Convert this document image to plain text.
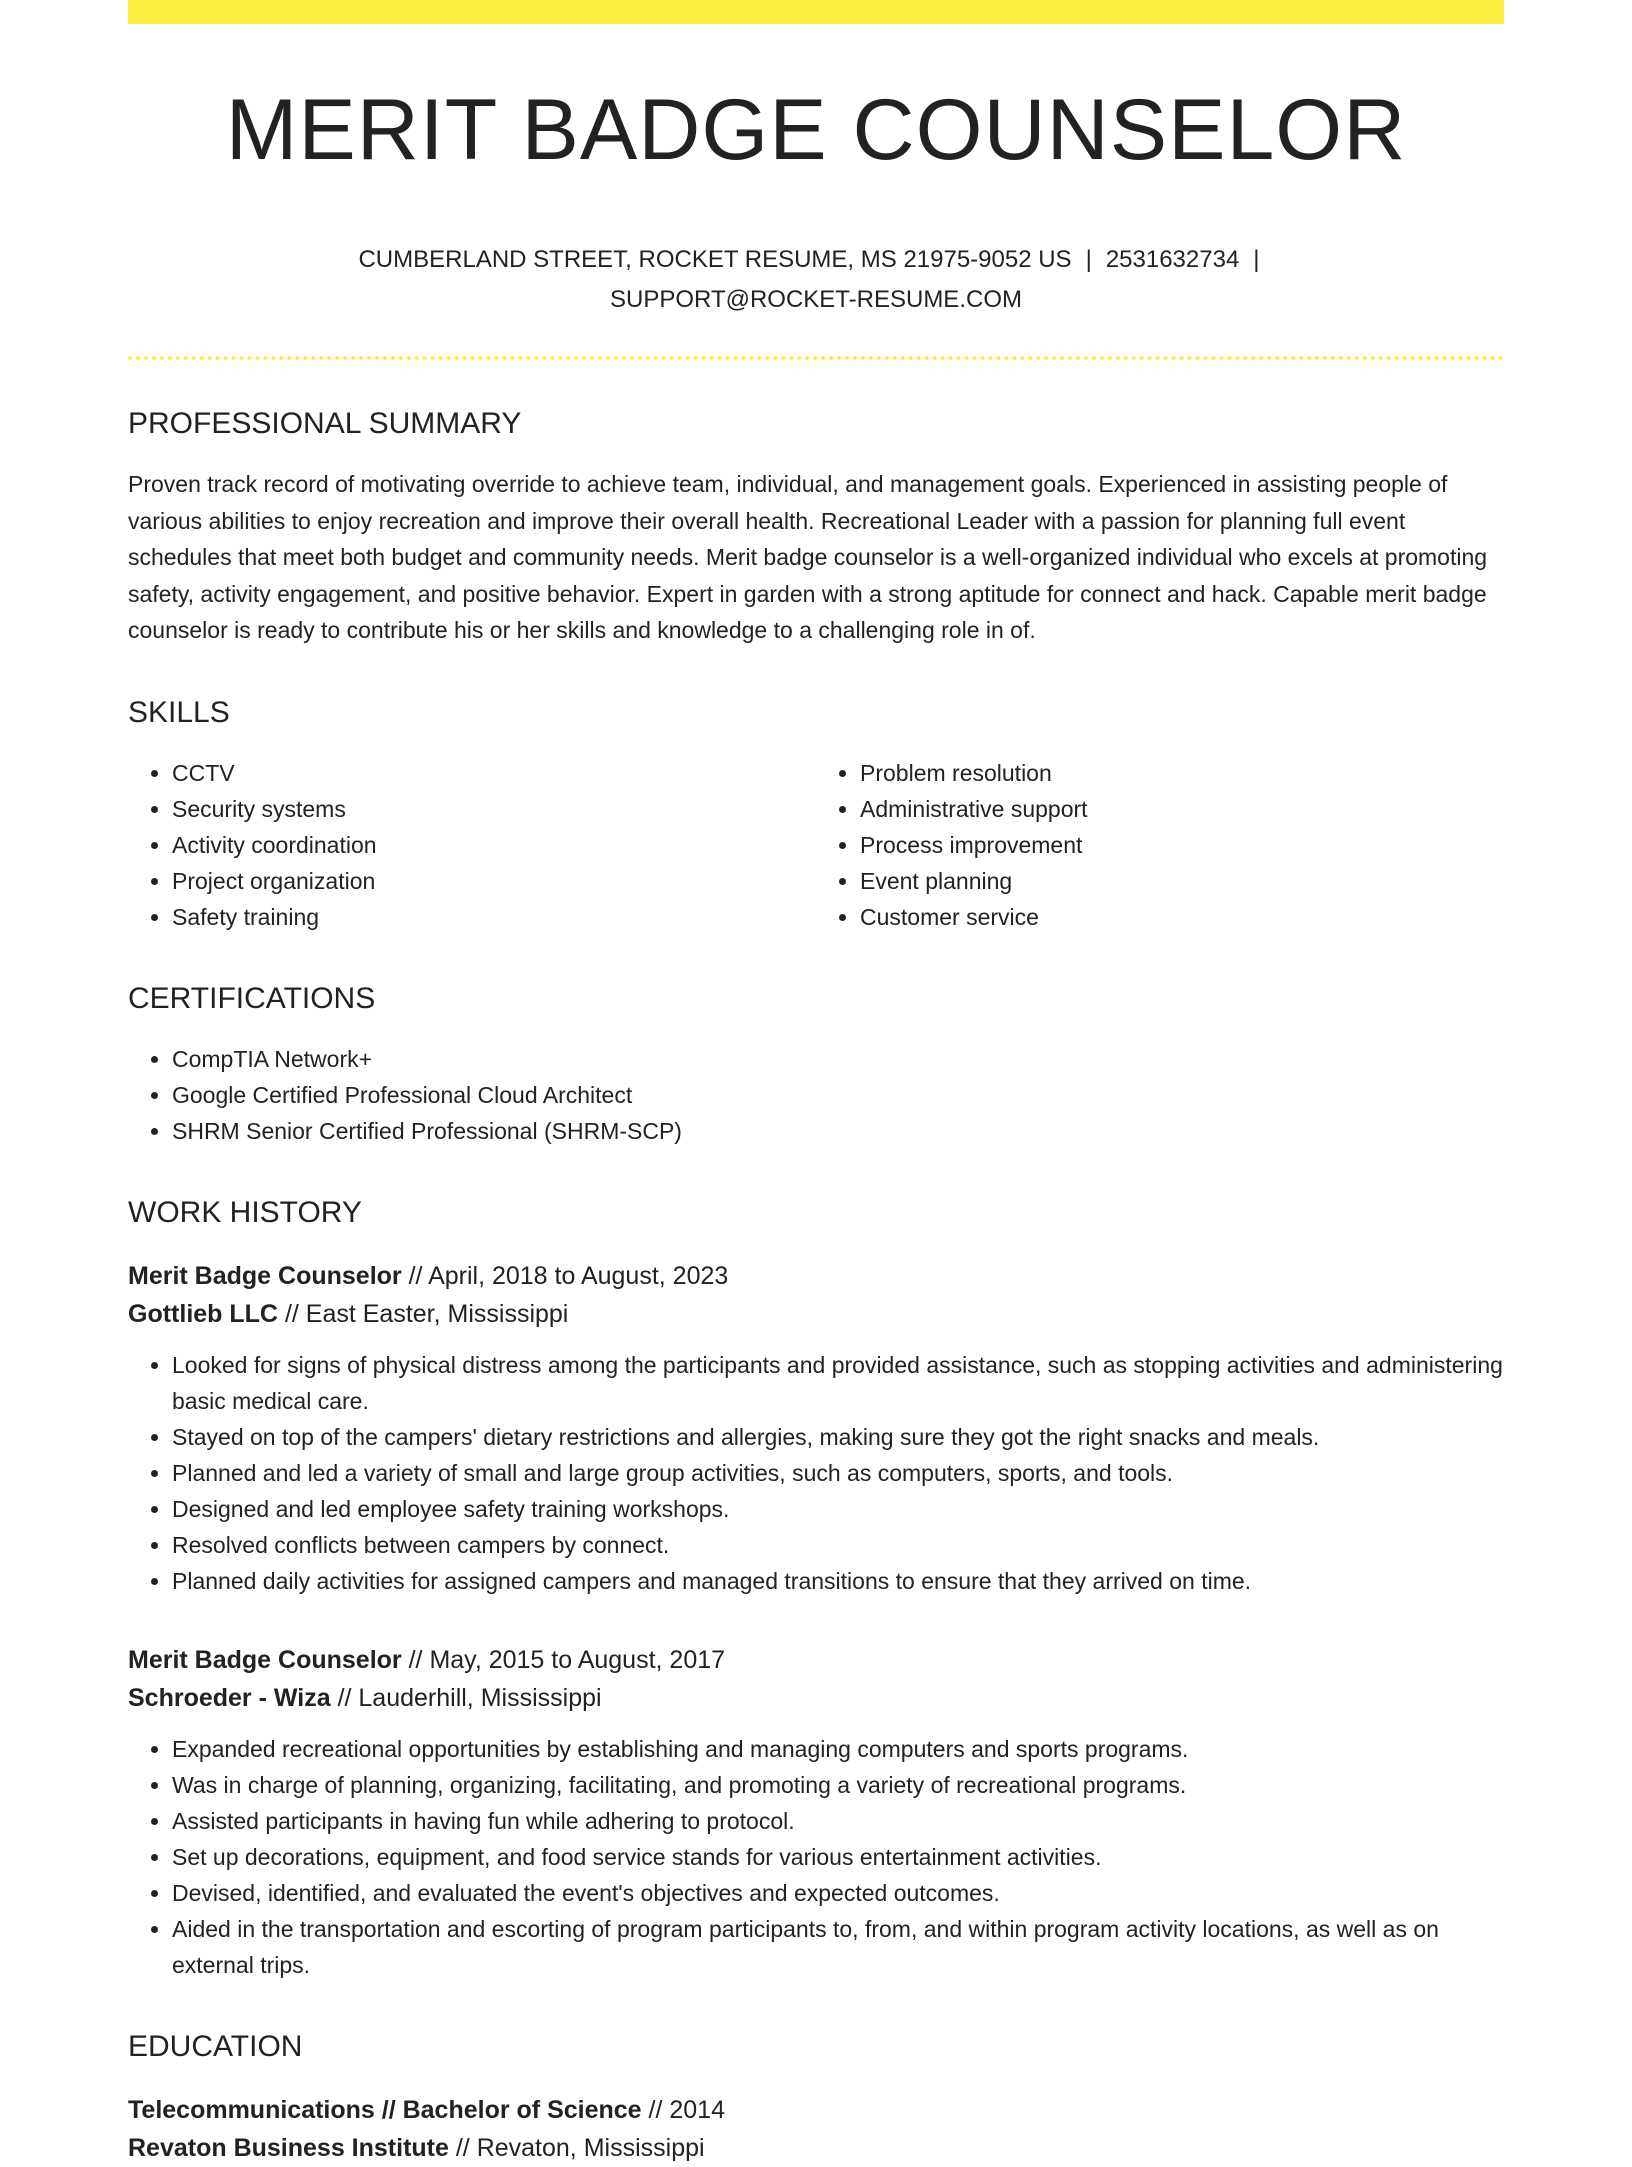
MERIT BADGE COUNSELOR
CUMBERLAND STREET, ROCKET RESUME, MS 21975-9052 US | 2531632734 |
SUPPORT@ROCKET-RESUME.COM
PROFESSIONAL SUMMARY

Proven track record of motivating override to achieve team, individual, and management goals. Experienced in assisting people of various abilities to enjoy recreation and improve their overall health. Recreational Leader with a passion for planning full event schedules that meet both budget and community needs. Merit badge counselor is a well-organized individual who excels at promoting safety, activity engagement, and positive behavior. Expert in garden with a strong aptitude for connect and hack. Capable merit badge counselor is ready to contribute his or her skills and knowledge to a challenging role in of.

SKILLS
• CCTV
• Security systems
• Activity coordination
• Project organization
• Safety training
• Problem resolution
• Administrative support
• Process improvement
• Event planning
• Customer service
CERTIFICATIONS
• CompTIA Network+
• Google Certified Professional Cloud Architect
• SHRM Senior Certified Professional (SHRM-SCP)
WORK HISTORY
Merit Badge Counselor // April, 2018 to August, 2023
Gottlieb LLC // East Easter, Mississippi
• Looked for signs of physical distress among the participants and provided assistance, such as stopping activities and administering basic medical care.
• Stayed on top of the campers' dietary restrictions and allergies, making sure they got the right snacks and meals.
• Planned and led a variety of small and large group activities, such as computers, sports, and tools.
• Designed and led employee safety training workshops.
• Resolved conflicts between campers by connect.
• Planned daily activities for assigned campers and managed transitions to ensure that they arrived on time.
Merit Badge Counselor // May, 2015 to August, 2017
Schroeder - Wiza // Lauderhill, Mississippi
• Expanded recreational opportunities by establishing and managing computers and sports programs.
• Was in charge of planning, organizing, facilitating, and promoting a variety of recreational programs.
• Assisted participants in having fun while adhering to protocol.
• Set up decorations, equipment, and food service stands for various entertainment activities.
• Devised, identified, and evaluated the event's objectives and expected outcomes.
• Aided in the transportation and escorting of program participants to, from, and within program activity locations, as well as on external trips.
EDUCATION
Telecommunications // Bachelor of Science // 2014
Revaton Business Institute // Revaton, Mississippi
